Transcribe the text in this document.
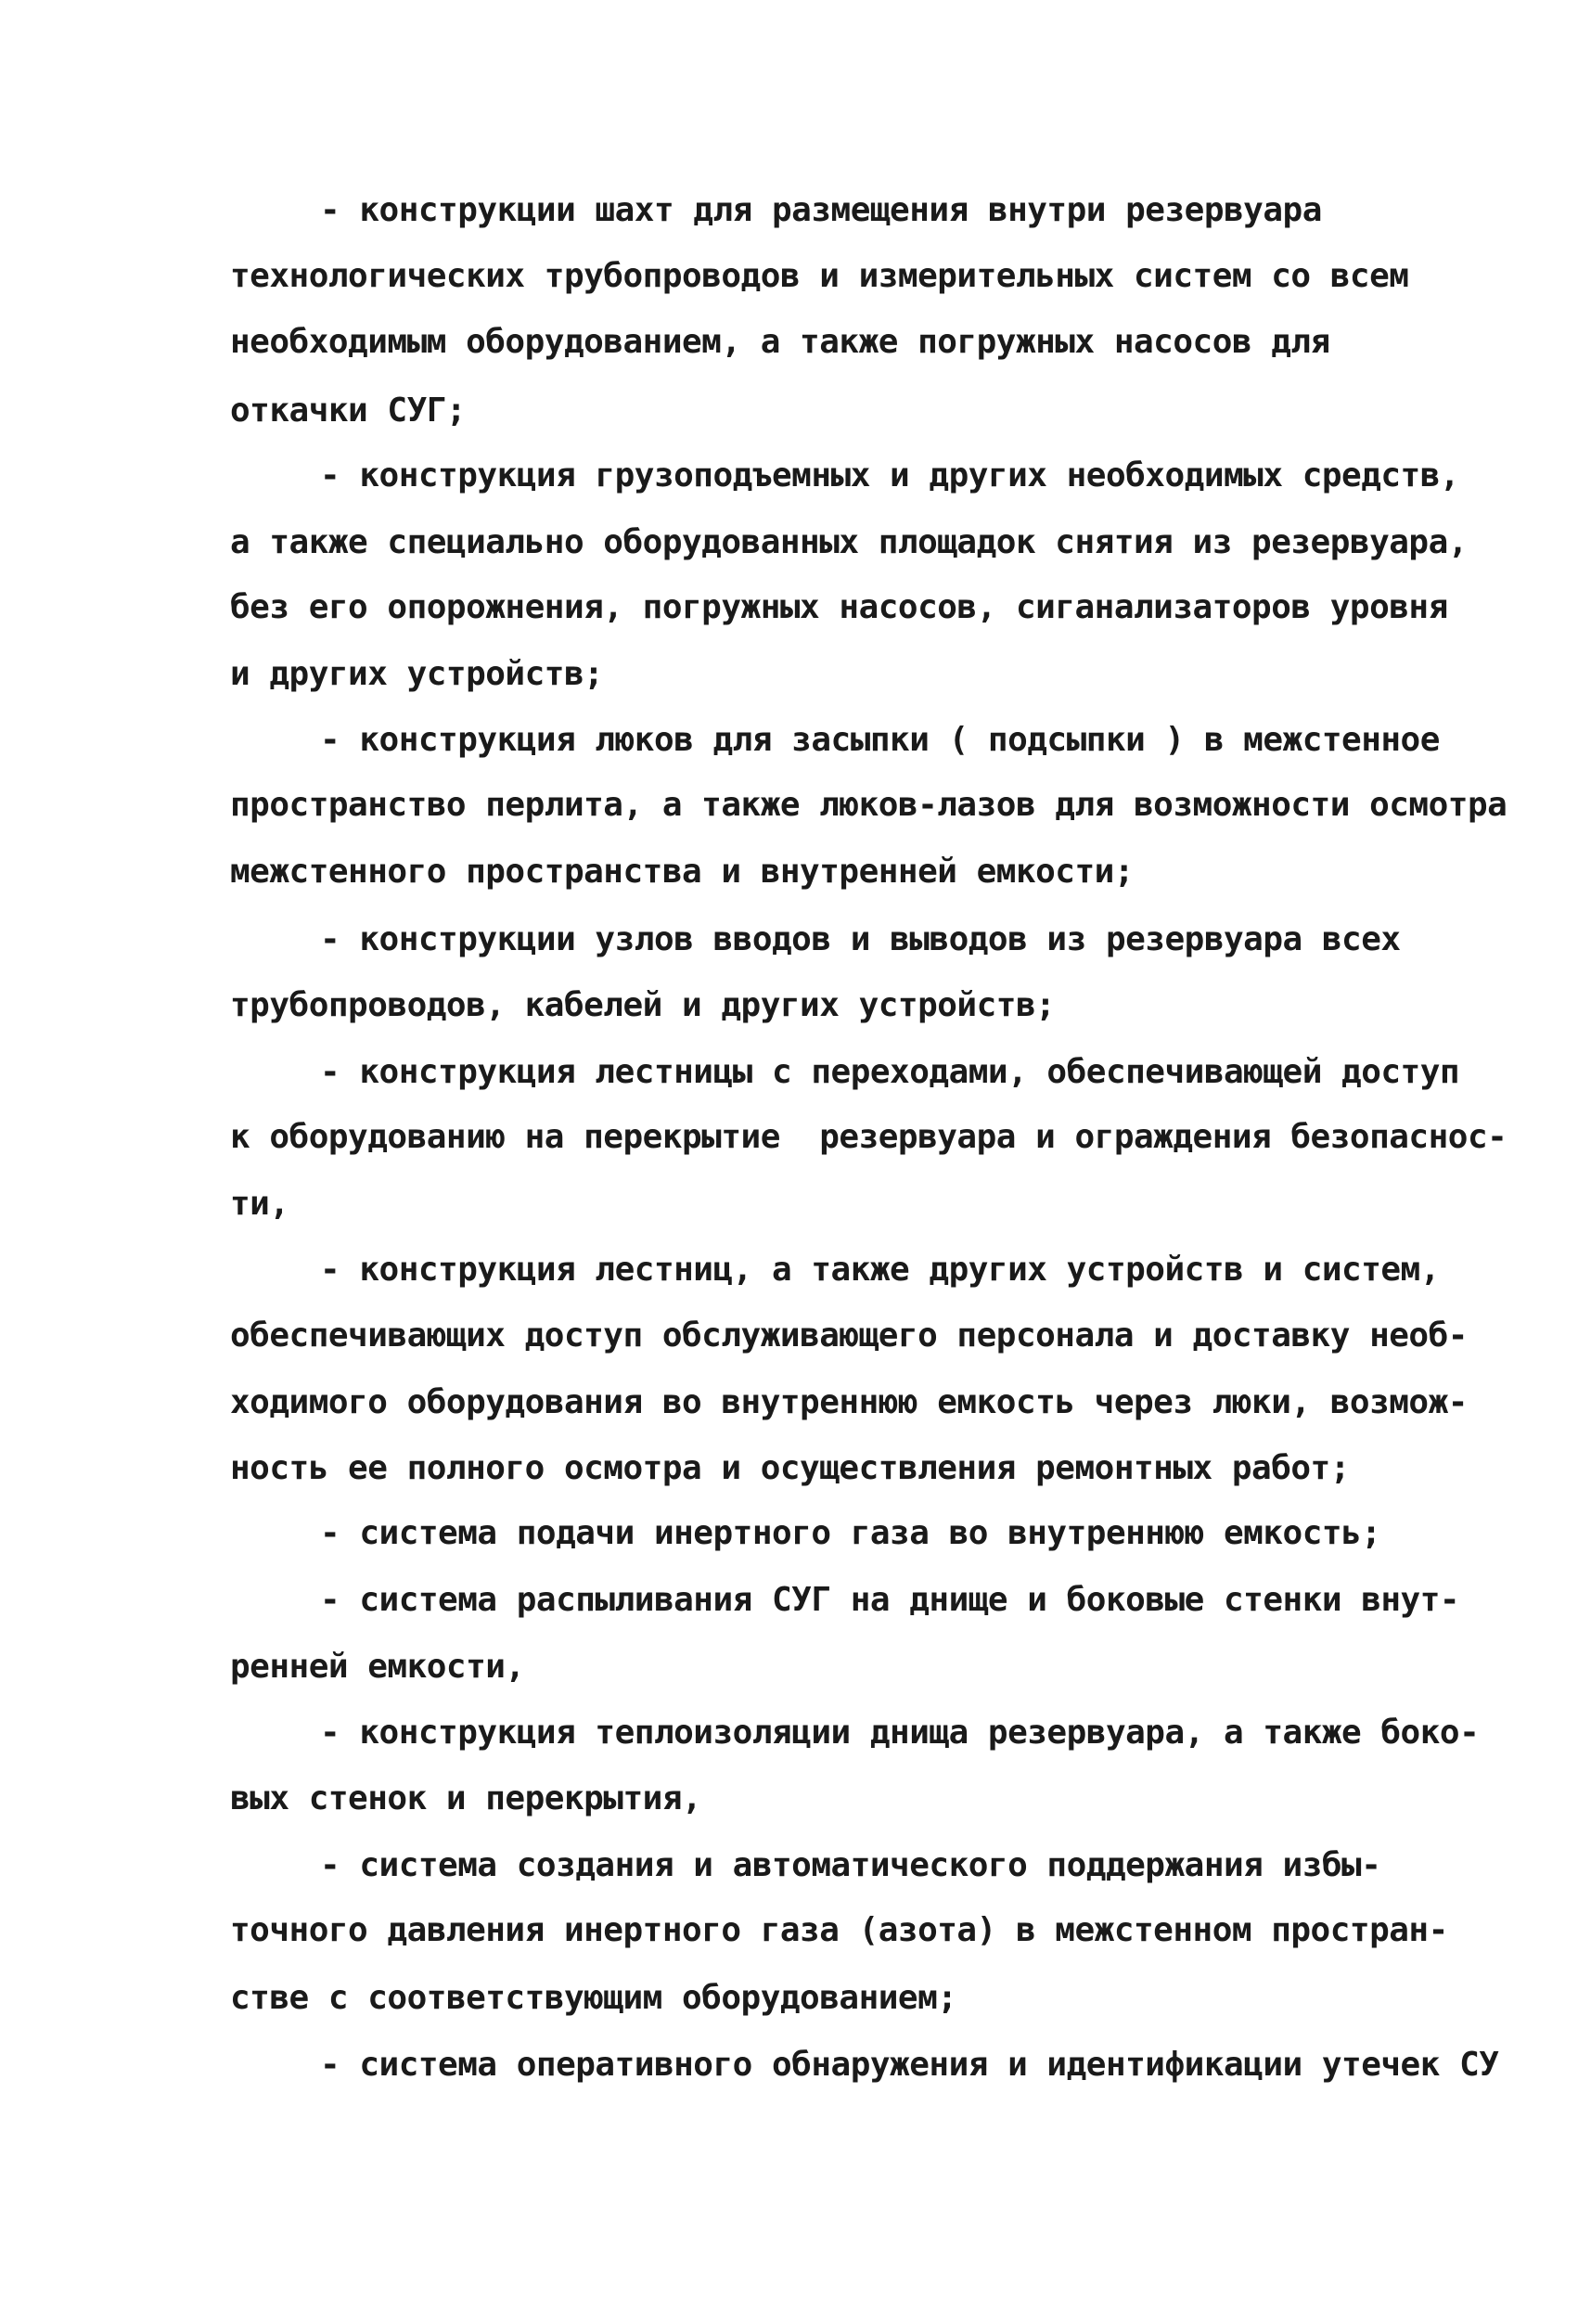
- конструкции шахт для размещения внутри резервуара
технологических трубопроводов и измерительных систем со всем
необходимым оборудованием, а также погружных насосов для
откачки СУГ;
- конструкция грузоподъемных и других необходимых средств,
а также специально оборудованных площадок снятия из резервуара,
без его опорожнения, погружных насосов, сиганализаторов уровня
и других устройств;
- конструкция люков для засыпки ( подсыпки ) в межстенное
пространство перлита, а также люков-лазов для возможности осмотра
межстенного пространства и внутренней емкости;
- конструкции узлов вводов и выводов из резервуара всех
трубопроводов, кабелей и других устройств;
- конструкция лестницы с переходами, обеспечивающей доступ
к оборудованию на перекрытие  резервуара и ограждения безопаснос-
ти,
- конструкция лестниц, а также других устройств и систем,
обеспечивающих доступ обслуживающего персонала и доставку необ-
ходимого оборудования во внутреннюю емкость через люки, возмож-
ность ее полного осмотра и осуществления ремонтных работ;
- система подачи инертного газа во внутреннюю емкость;
- система распыливания СУГ на днище и боковые стенки внут-
ренней емкости,
- конструкция теплоизоляции днища резервуара, а также боко-
вых стенок и перекрытия,
- система создания и автоматического поддержания избы-
точного давления инертного газа (азота) в межстенном простран-
стве с соответствующим оборудованием;
- система оперативного обнаружения и идентификации утечек СУ
